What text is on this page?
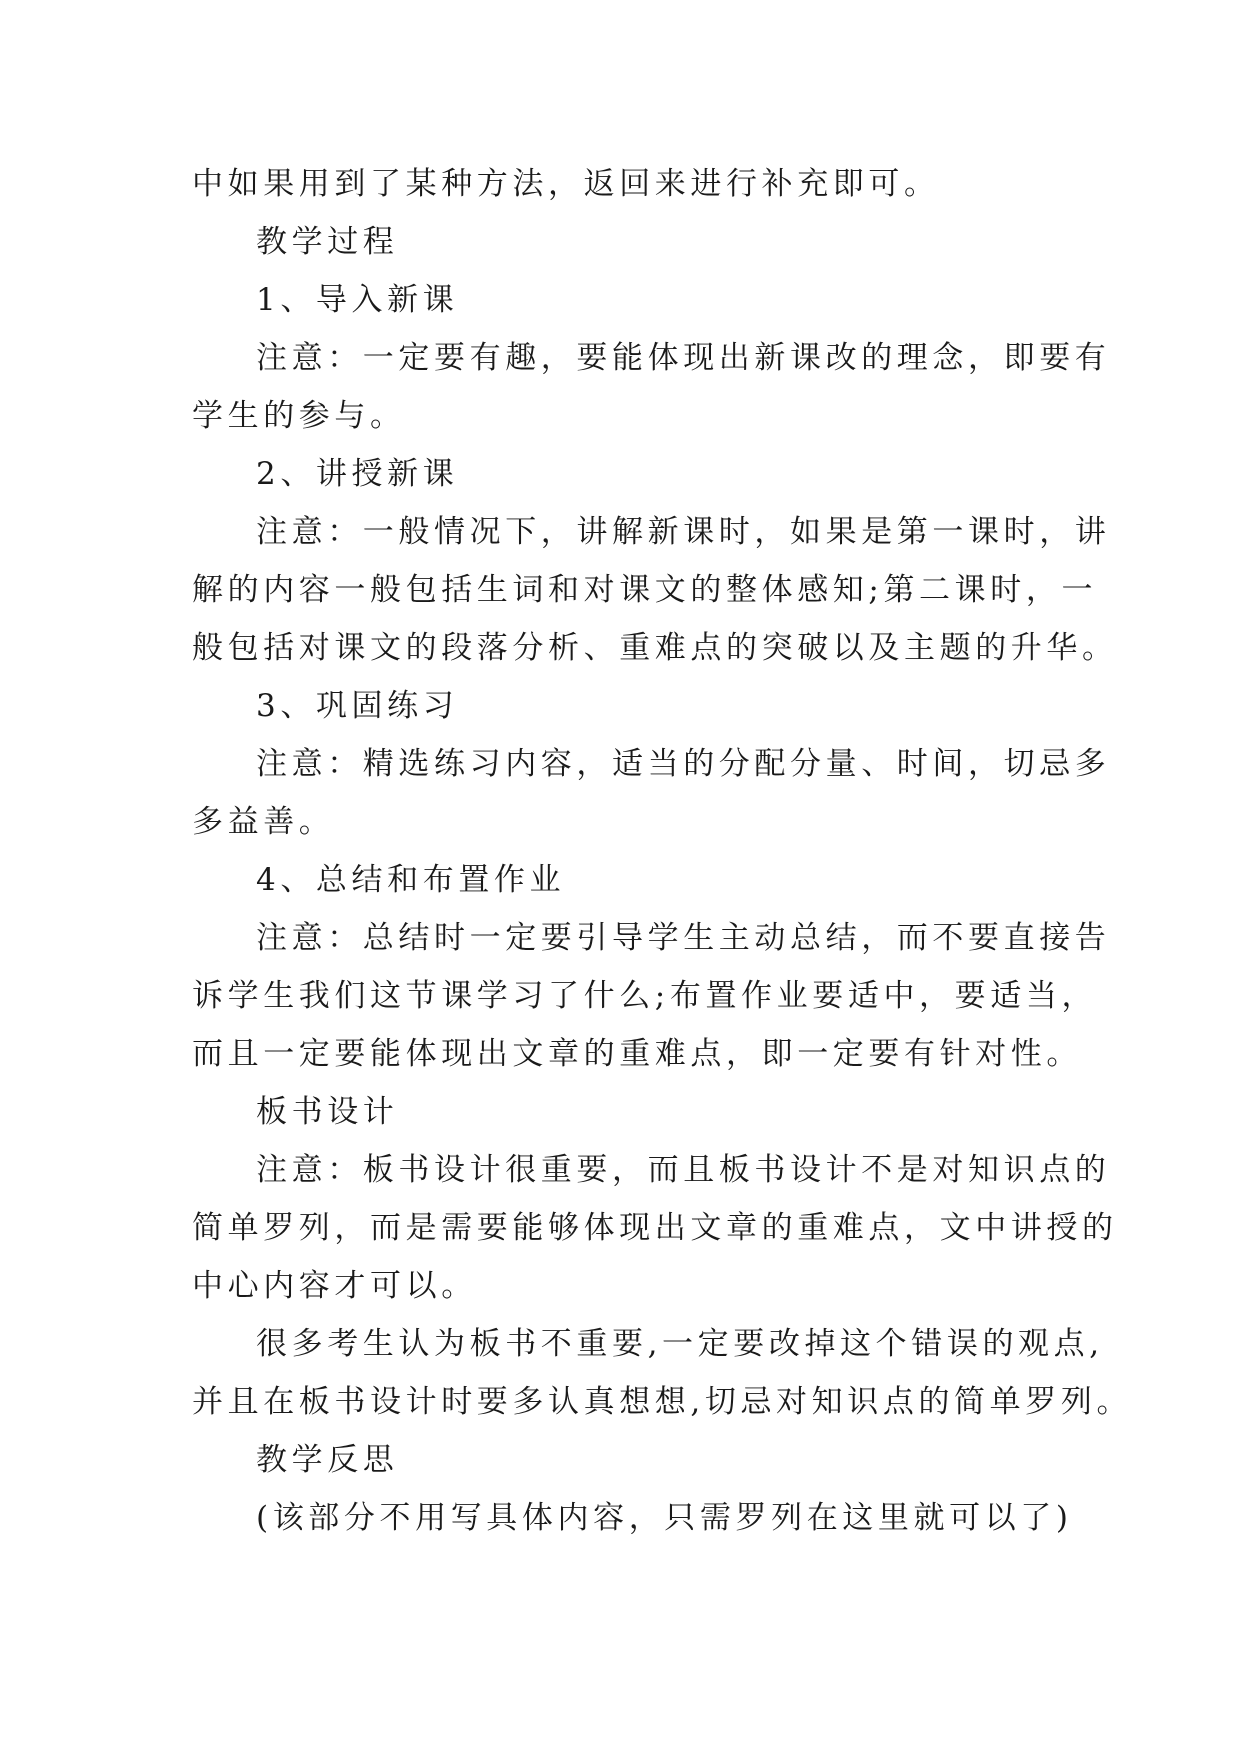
中如果用到了某种方法，返回来进行补充即可。
教学过程
1、导入新课
注意：一定要有趣，要能体现出新课改的理念，即要有
学生的参与。
2、讲授新课
注意：一般情况下，讲解新课时，如果是第一课时，讲
解的内容一般包括生词和对课文的整体感知;第二课时，一
般包括对课文的段落分析、重难点的突破以及主题的升华。
3、巩固练习
注意：精选练习内容，适当的分配分量、时间，切忌多
多益善。
4、总结和布置作业
注意：总结时一定要引导学生主动总结，而不要直接告
诉学生我们这节课学习了什么;布置作业要适中，要适当，
而且一定要能体现出文章的重难点，即一定要有针对性。
板书设计
注意：板书设计很重要，而且板书设计不是对知识点的
简单罗列，而是需要能够体现出文章的重难点，文中讲授的
中心内容才可以。
很多考生认为板书不重要,一定要改掉这个错误的观点,
并且在板书设计时要多认真想想,切忌对知识点的简单罗列。
教学反思
(该部分不用写具体内容，只需罗列在这里就可以了)
